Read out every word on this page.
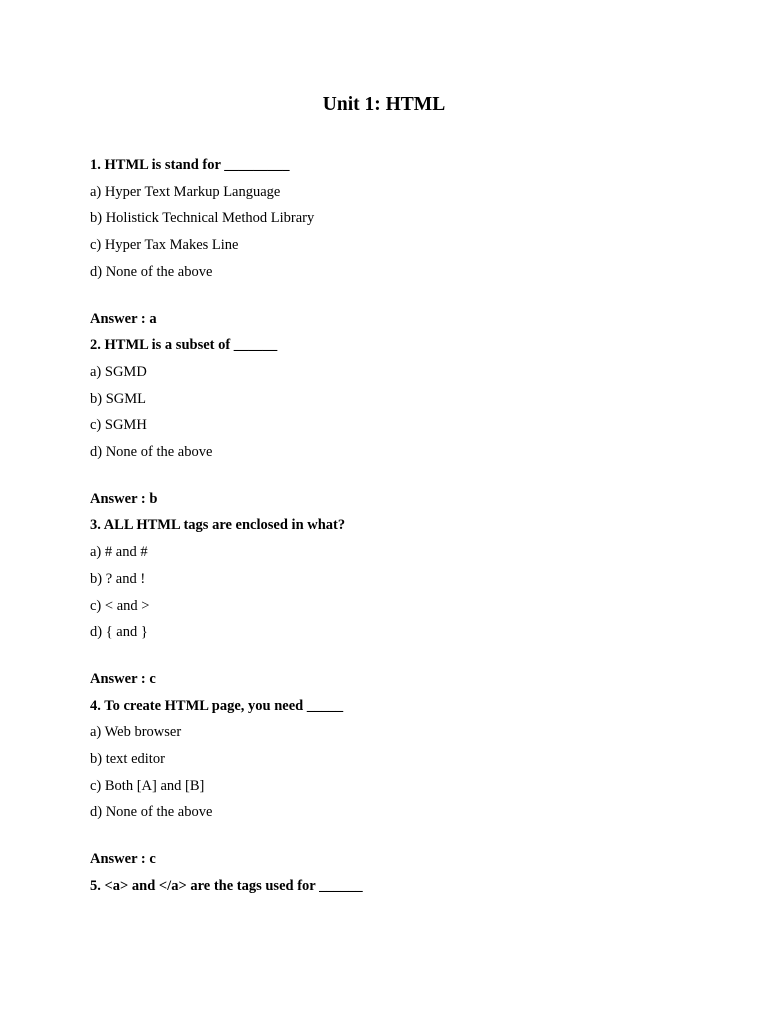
Unit 1: HTML
1. HTML is stand for _________
a) Hyper Text Markup Language
b) Holistick Technical Method Library
c) Hyper Tax Makes Line
d) None of the above
Answer : a
2. HTML is a subset of ______
a) SGMD
b) SGML
c) SGMH
d) None of the above
Answer : b
3. ALL HTML tags are enclosed in what?
a) # and #
b) ? and !
c) < and >
d) { and }
Answer : c
4. To create HTML page, you need _____
a) Web browser
b) text editor
c) Both [A] and [B]
d) None of the above
Answer : c
5. <a> and </a> are the tags used for ______
